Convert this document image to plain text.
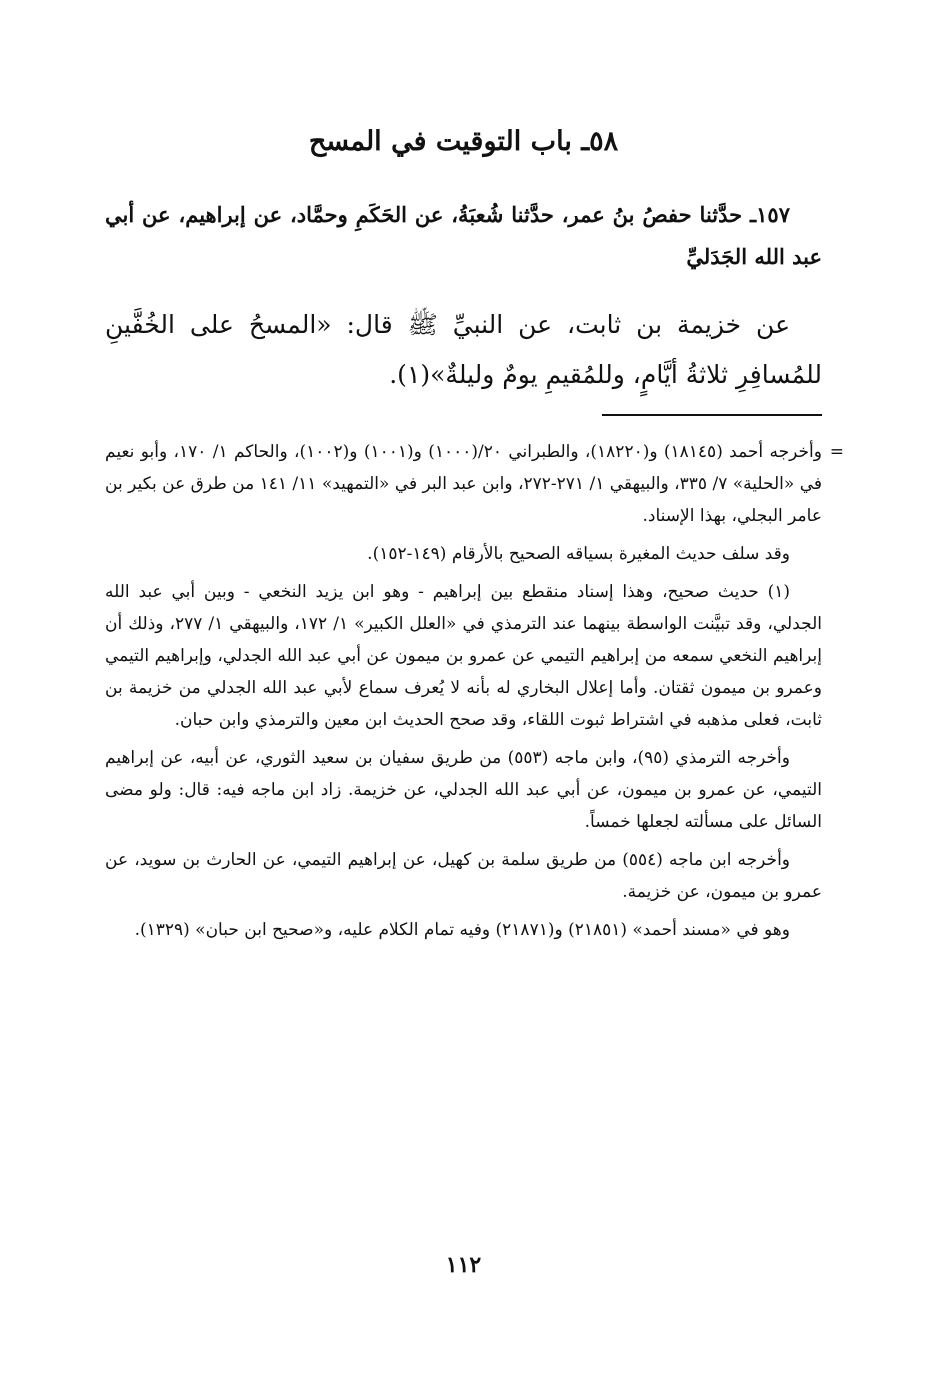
٥٨ـ باب التوقيت في المسح

١٥٧ـ حدَّثنا حفصُ بنُ عمر، حدَّثنا شُعبَةُ، عن الحَكَمِ وحمَّاد، عن إبراهيم، عن أبي عبد الله الجَدَليِّ

عن خزيمة بن ثابت، عن النبيِّ ﷺ قال: «المسحُ على الخُفَّينِ للمُسافِرِ ثلاثةُ أيَّامٍ، وللمُقيمِ يومٌ وليلةٌ»(١).

=
وأخرجه أحمد (١٨١٤٥) و(١٨٢٢٠)، والطبراني ٢٠/(١٠٠٠) و(١٠٠١) و(١٠٠٢)، والحاكم ١/ ١٧٠، وأبو نعيم في «الحلية» ٧/ ٣٣٥، والبيهقي ١/ ٢٧١-٢٧٢، وابن عبد البر في «التمهيد» ١١/ ١٤١ من طرق عن بكير بن عامر البجلي، بهذا الإسناد.

وقد سلف حديث المغيرة بسياقه الصحيح بالأرقام (١٤٩-١٥٢).

(١) حديث صحيح، وهذا إسناد منقطع بين إبراهيم - وهو ابن يزيد النخعي - وبين أبي عبد الله الجدلي، وقد تبيَّنت الواسطة بينهما عند الترمذي في «العلل الكبير» ١/ ١٧٢، والبيهقي ١/ ٢٧٧، وذلك أن إبراهيم النخعي سمعه من إبراهيم التيمي عن عمرو بن ميمون عن أبي عبد الله الجدلي، وإبراهيم التيمي وعمرو بن ميمون ثقتان. وأما إعلال البخاري له بأنه لا يُعرف سماع لأبي عبد الله الجدلي من خزيمة بن ثابت، فعلى مذهبه في اشتراط ثبوت اللقاء، وقد صحح الحديث ابن معين والترمذي وابن حبان.

وأخرجه الترمذي (٩٥)، وابن ماجه (٥٥٣) من طريق سفيان بن سعيد الثوري، عن أبيه، عن إبراهيم التيمي، عن عمرو بن ميمون، عن أبي عبد الله الجدلي، عن خزيمة. زاد ابن ماجه فيه: قال: ولو مضى السائل على مسألته لجعلها خمساً.

وأخرجه ابن ماجه (٥٥٤) من طريق سلمة بن كهيل، عن إبراهيم التيمي، عن الحارث بن سويد، عن عمرو بن ميمون، عن خزيمة.

وهو في «مسند أحمد» (٢١٨٥١) و(٢١٨٧١) وفيه تمام الكلام عليه، و«صحيح ابن حبان» (١٣٢٩).

١١٢
